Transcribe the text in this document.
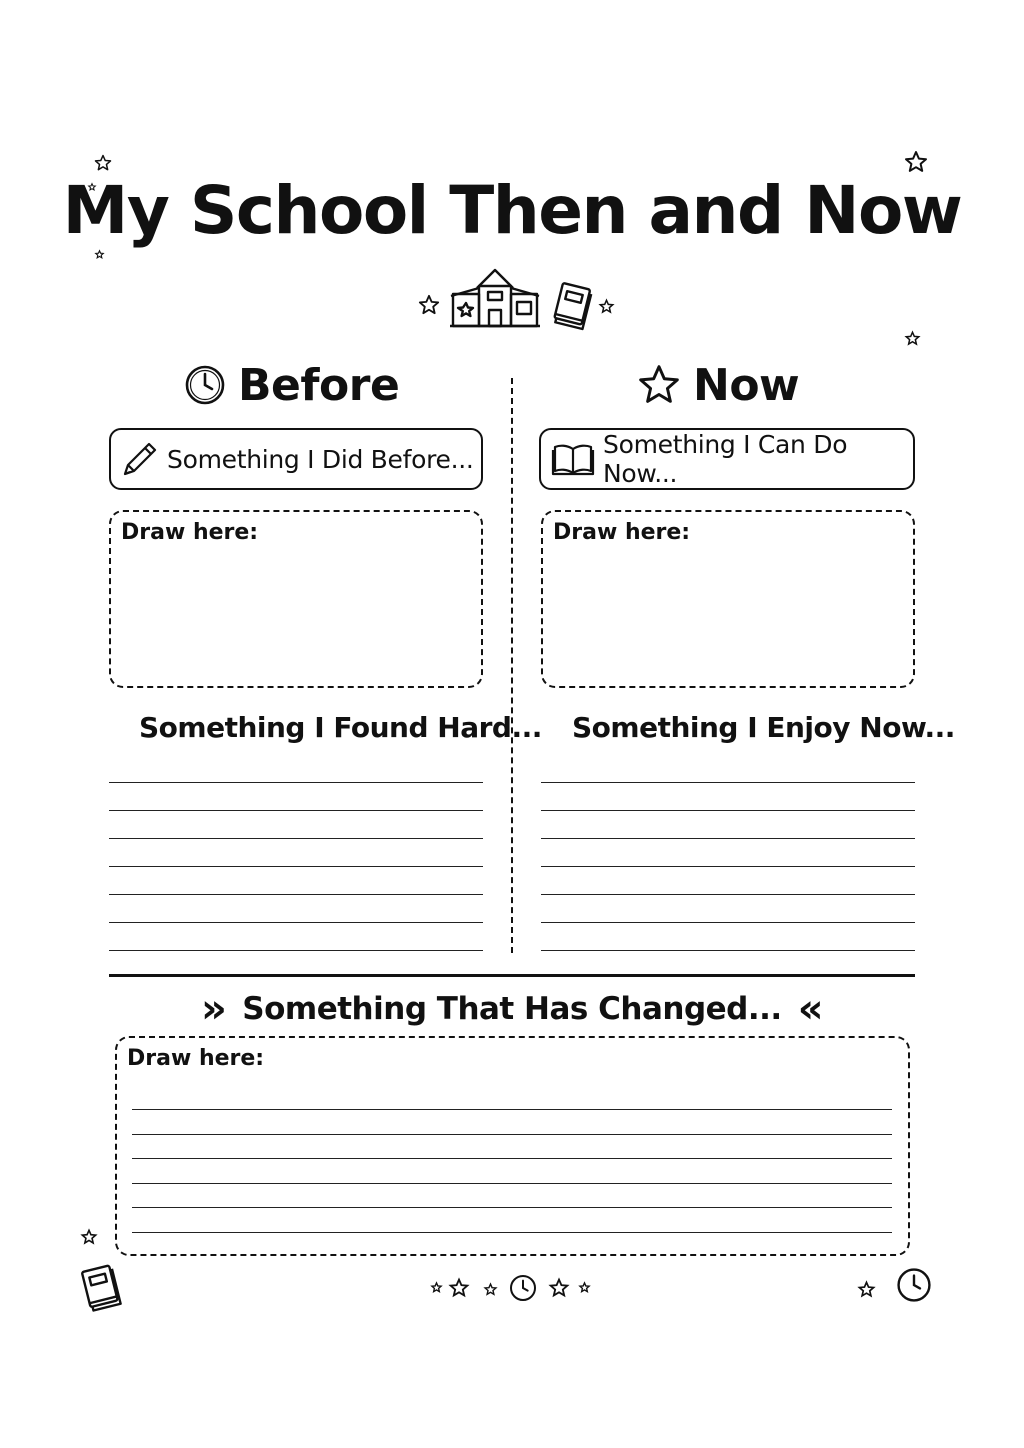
My School Then and Now
Before
Something I Did Before...
Draw here:
Something I Found Hard...
Now
Something I Can Do Now...
Draw here:
Something I Enjoy Now...
» Something That Has Changed... «
Draw here:
